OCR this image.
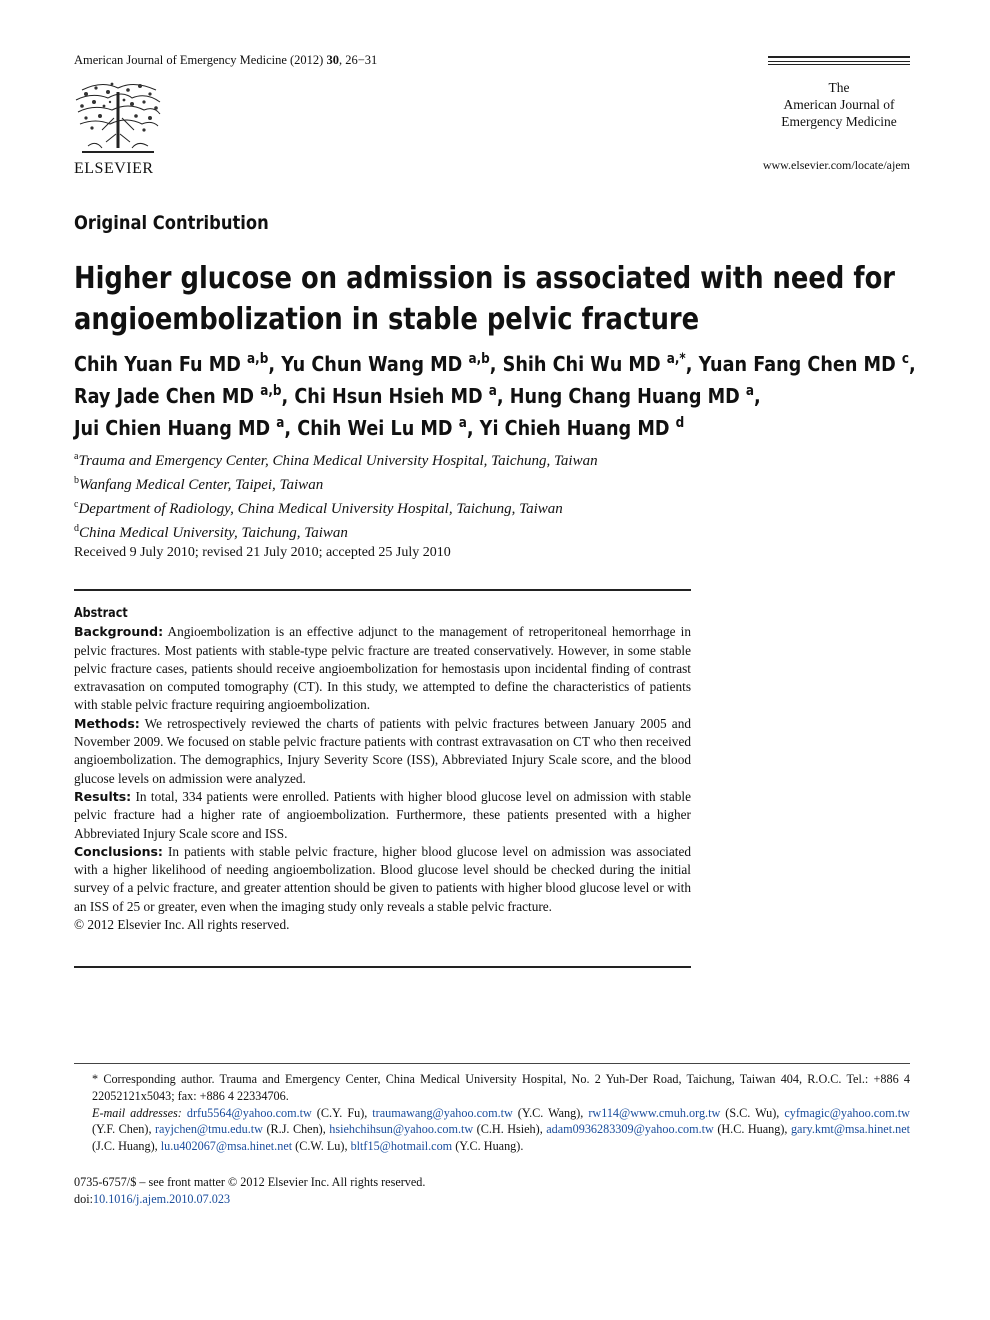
American Journal of Emergency Medicine (2012) 30, 26−31
ELSEVIER
The
American Journal of
Emergency Medicine
www.elsevier.com/locate/ajem
Original Contribution
Higher glucose on admission is associated with need for angioembolization in stable pelvic fracture
Chih Yuan Fu MD $^{a,b}$, Yu Chun Wang MD $^{a,b}$, Shih Chi Wu MD $^{a,*}$, Yuan Fang Chen MD $^c$,
Ray Jade Chen MD $^{a,b}$, Chi Hsun Hsieh MD $^a$, Hung Chang Huang MD $^a$,
Jui Chien Huang MD $^a$, Chih Wei Lu MD $^a$, Yi Chieh Huang MD $^d$
$^a$Trauma and Emergency Center, China Medical University Hospital, Taichung, Taiwan
$^b$Wanfang Medical Center, Taipei, Taiwan
$^c$Department of Radiology, China Medical University Hospital, Taichung, Taiwan
$^d$China Medical University, Taichung, Taiwan
Received 9 July 2010; revised 21 July 2010; accepted 25 July 2010
Abstract

Background: Angioembolization is an effective adjunct to the management of retroperitoneal hemorrhage in pelvic fractures. Most patients with stable-type pelvic fracture are treated conservatively. However, in some stable pelvic fracture cases, patients should receive angioembolization for hemostasis upon incidental finding of contrast extravasation on computed tomography (CT). In this study, we attempted to define the characteristics of patients with stable pelvic fracture requiring angioembolization.

Methods: We retrospectively reviewed the charts of patients with pelvic fractures between January 2005 and November 2009. We focused on stable pelvic fracture patients with contrast extravasation on CT who then received angioembolization. The demographics, Injury Severity Score (ISS), Abbreviated Injury Scale score, and the blood glucose levels on admission were analyzed.

Results: In total, 334 patients were enrolled. Patients with higher blood glucose level on admission with stable pelvic fracture had a higher rate of angioembolization. Furthermore, these patients presented with a higher Abbreviated Injury Scale score and ISS.

Conclusions: In patients with stable pelvic fracture, higher blood glucose level on admission was associated with a higher likelihood of needing angioembolization. Blood glucose level should be checked during the initial survey of a pelvic fracture, and greater attention should be given to patients with higher blood glucose level or with an ISS of 25 or greater, even when the imaging study only reveals a stable pelvic fracture.

© 2012 Elsevier Inc. All rights reserved.

* Corresponding author. Trauma and Emergency Center, China Medical University Hospital, No. 2 Yuh-Der Road, Taichung, Taiwan 404, R.O.C. Tel.: +886 4 22052121x5043; fax: +886 4 22334706.

E-mail addresses: drfu5564@yahoo.com.tw (C.Y. Fu), traumawang@yahoo.com.tw (Y.C. Wang), rw114@www.cmuh.org.tw (S.C. Wu), cyfmagic@yahoo.com.tw (Y.F. Chen), rayjchen@tmu.edu.tw (R.J. Chen), hsiehchihsun@yahoo.com.tw (C.H. Hsieh), adam0936283309@yahoo.com.tw (H.C. Huang), gary.kmt@msa.hinet.net (J.C. Huang), lu.u402067@msa.hinet.net (C.W. Lu), bltf15@hotmail.com (Y.C. Huang).

0735-6757/$ – see front matter © 2012 Elsevier Inc. All rights reserved.
doi:10.1016/j.ajem.2010.07.023
